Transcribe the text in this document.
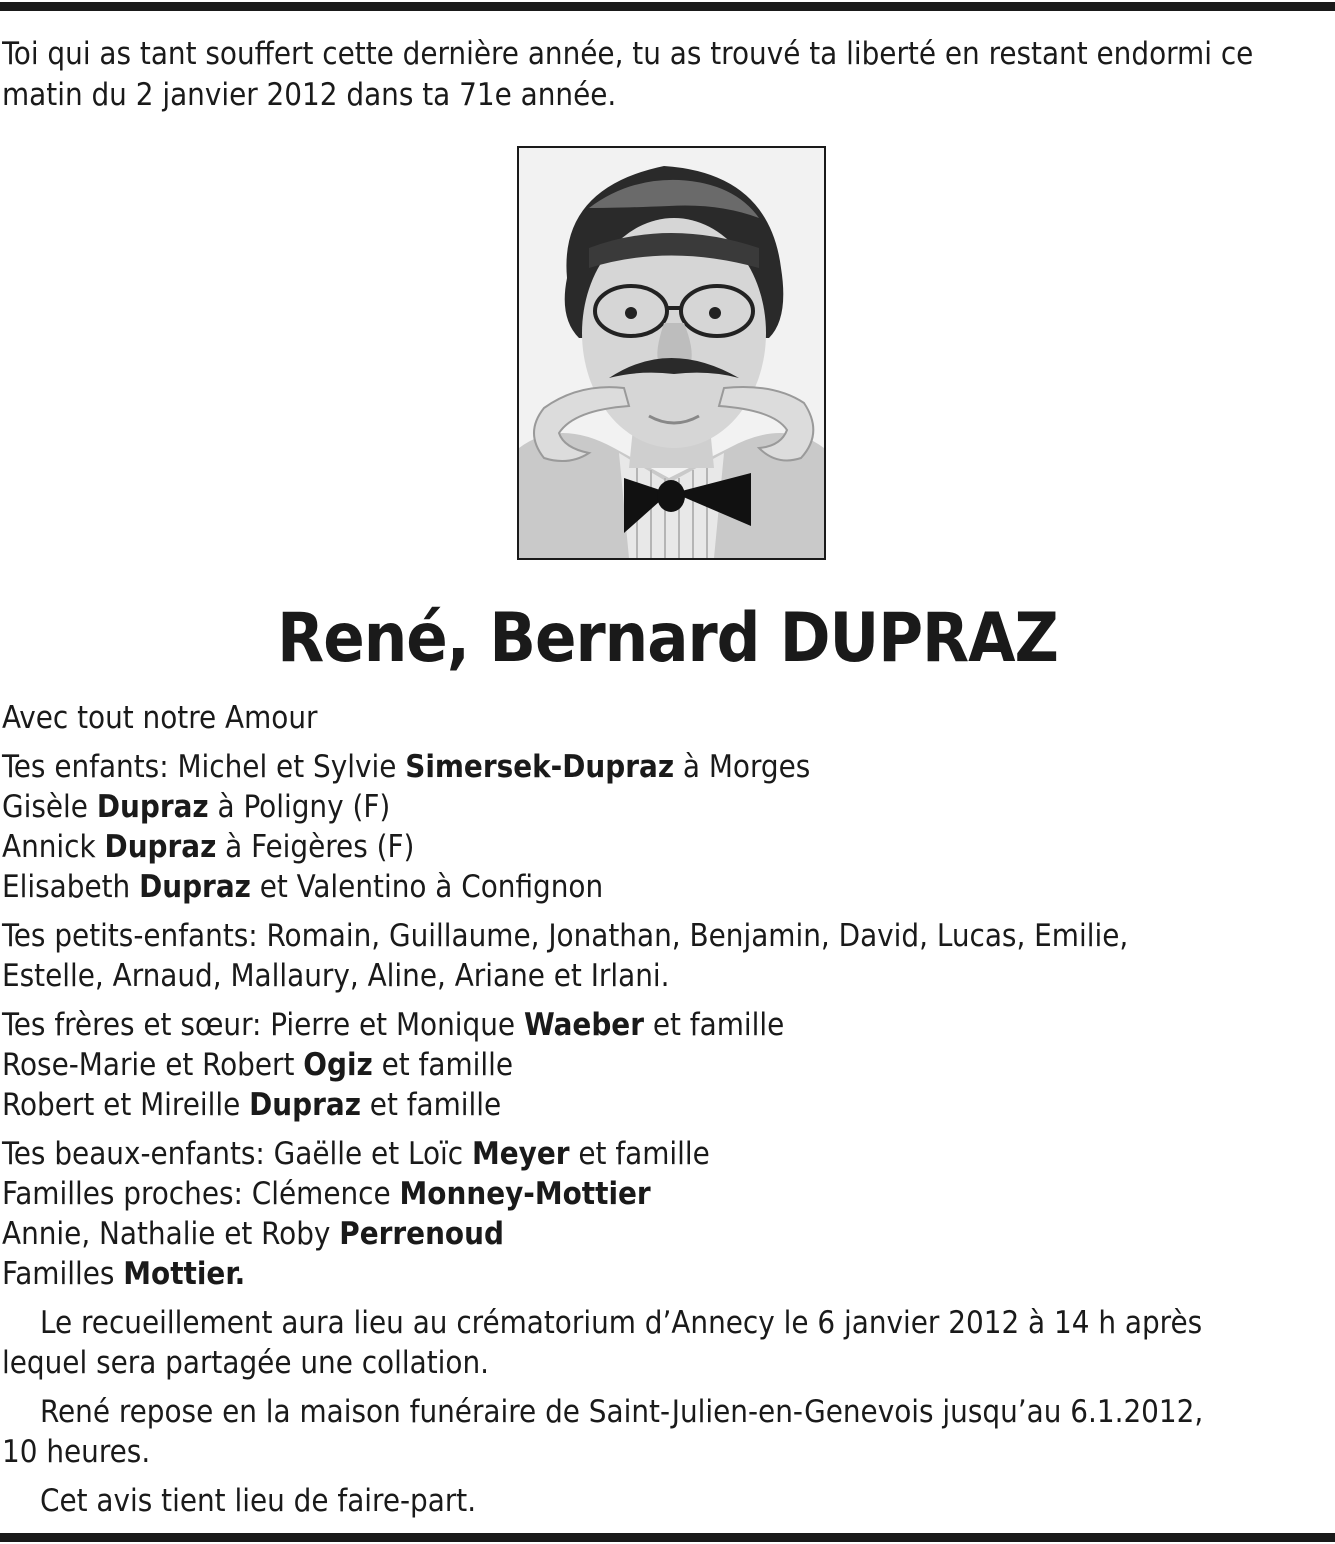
Toi qui as tant souffert cette dernière année, tu as trouvé ta liberté en restant endormi ce
matin du 2 janvier 2012 dans ta 71e année.
René, Bernard DUPRAZ
Avec tout notre Amour
Tes enfants: Michel et Sylvie Simersek-Dupraz à Morges
Gisèle Dupraz à Poligny (F)
Annick Dupraz à Feigères (F)
Elisabeth Dupraz et Valentino à Confignon
Tes petits-enfants: Romain, Guillaume, Jonathan, Benjamin, David, Lucas, Emilie,
Estelle, Arnaud, Mallaury, Aline, Ariane et Irlani.
Tes frères et sœur: Pierre et Monique Waeber et famille
Rose-Marie et Robert Ogiz et famille
Robert et Mireille Dupraz et famille
Tes beaux-enfants: Gaëlle et Loïc Meyer et famille
Familles proches: Clémence Monney-Mottier
Annie, Nathalie et Roby Perrenoud
Familles Mottier.
Le recueillement aura lieu au crématorium d’Annecy le 6 janvier 2012 à 14 h après
lequel sera partagée une collation.
René repose en la maison funéraire de Saint-Julien-en-Genevois jusqu’au 6.1.2012,
10 heures.
Cet avis tient lieu de faire-part.
